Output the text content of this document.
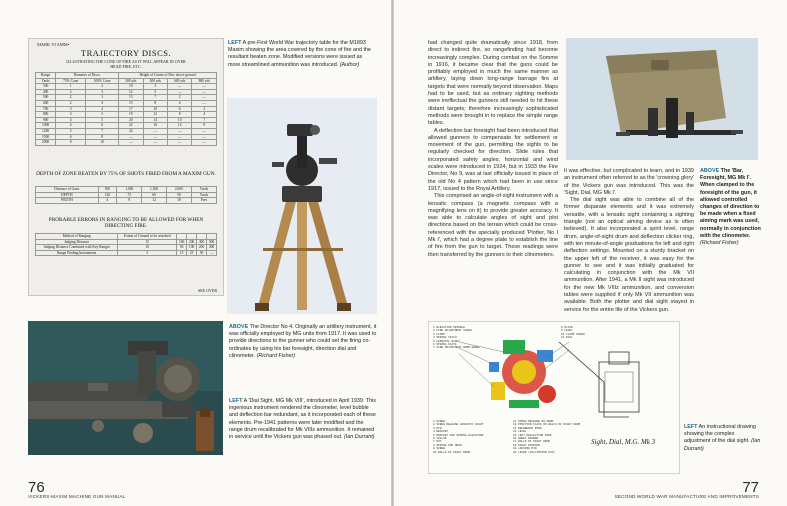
MARK VI AMM•
TRAJECTORY DISCS.
ILLUSTRATING THE CONE OF FIRE AS IT WILL APPEAR IN OVER
HEAD FIRE, ETC.
Range	Diameter of Discs.		Height of Centre of Disc above ground			
Yards	75% Cone	100% Cone	300 yds	400 yds	600 yds	800 yds
300	1	2	10	3	—	—
400	2	3	12	5	—	—
500	2	3	13	7	2	—
600	2	4	15	8	4	—
700	3	4	17	10	6	2
800	3	5	19	12	8	4
900	4	5	20	14	10	7
1000	4	6	22	16	12	9
1200	5	7	24	—	—	—
1500	6	8	—	—	—	—
2000	8	10	—	—	—	—
DEPTH OF ZONE BEATEN BY 75% OF SHOTS FIRED FROM A MAXIM GUN.
Distance of Guns	500	1,000	1,500	2,000	Yards
DEPTH	120	75	60	50	Yards
WIDTH	4	8	12	18	Feet
PROBABLE ERRORS IN RANGING TO BE ALLOWED FOR WHEN DIRECTING FIRE.
Method of Ranging	Extent of Ground to be searched				
Judging Distance	15	100	200	400	500
Judging Distance Combined with Key Ranges	10	50	100	200	300
Range Finding Instruments	5	15	25	50	—
SEE OVER
LEFT A pre-First World War trajectory table for the M1893 Maxim showing the area covered by the cone of fire and the resultant beaten zone. Modified versions were issued as more streamlined ammunition was introduced. (Author)
ABOVE The Director No 4. Originally an artillery instrument, it was officially employed by MG units from 1917. It was used to provide directions to the gunner who could set the firing co-ordinates by using his bar foresight, direction dial and clinometer. (Richard Fisher)
LEFT A 'Dial Sight, MG Mk VIII', introduced in April 1939. This ingenious instrument rendered the clinometer, level bubble and deflection bar redundant, as it incorporated each of these elements. Pre-1941 patterns were later modified and the range drum recalibrated for Mk VIIIz ammunition. It remained in service until the Vickers gun was phased out. (Ian Durrant)
76
VICKERS-MAXIM MACHINE GUN MANUAL

had changed quite dramatically since 1918, from direct to indirect fire, so rangefinding had become increasingly complex. During combat on the Somme in 1916, it became clear that the guns could be profitably employed in much the same manner as artillery, laying down long-range barrage fire at targets that were normally beyond observation. Maps had to be used, but as ordinary sighting methods were ineffectual the gunners still needed to hit these distant targets; therefore increasingly sophisticated methods were brought in to replace the simple range tables.

A deflection bar foresight had been introduced that allowed gunners to compensate for settlement or movement of the gun, permitting the sights to be regularly checked for direction. Slide rules that incorporated safety angles, horizontal and wind scales were introduced in 1924, but in 1933 the Fire Director, No 9, was at last officially issued in place of the old No 4 pattern which had been in use since 1917, issued to the Royal Artillery.

This comprised an angle-of-sight instrument with a lensatic compass (a magnetic compass with a magnifying lens on it) to provide greater accuracy. It was able to calculate angles of sight and plot directions based on the terrain which could be cross-referenced with the specially produced 'Plotter, No I Mk I', which had a degree plate to establish the line of fire from the gun to target. These readings were then transferred by the gunners to their clinometers.

It was effective, but complicated to learn, and in 1939 an instrument often referred to as the 'crowning glory' of the Vickers gun was introduced. This was the 'Sight, Dial, MG Mk I'.

The dial sight was able to combine all of the former disparate elements and it was extremely versatile, with a lensatic sight containing a sighting triangle (not an optical aiming device as is often believed). It also incorporated a spirit level, range drum, angle-of-sight drum and deflection clicker ring, with ten minute-of-angle graduations for left and right deflection settings. Mounted on a sturdy bracket on the upper left of the receiver, it was easy for the gunner to see and it was initially graduated for calculating in conjunction with the Mk VII ammunition. After 1941, a Mk II sight was introduced for the new Mk VIIIz ammunition, and conversion tables were supplied if only Mk VII ammunition was available. Both the plotter and dial sight stayed in service for the entire life of the Vickers gun.

ABOVE The 'Bar, Foresight, MG Mk I'. When clamped to the foresight of the gun, it allowed controlled changes of direction to be made when a fixed aiming mark was used, normally in conjunction with the clinometer. (Richard Fisher)
1 ELEVATION SPINDLE
2 FINE ADJUSTMENT SCREW
3 CLAMP
4 SPRING CATCH
5 LENSATIC SIGHT
6 SPRING PLATE
7 FINE ADJUSTMENT WORM WHEEL
8 PLATE
9 LEVEL
10 CLAMP SCREW
11 DIAL
1 SCREW
2 SCREW RELEASE LENSATIC SIGHT
3 PIN
4 BRACKET
5 BRACKET FOR SPRING ELEVATION
6 COLLAR
7 NUT
8 SPRING FOR DRUM
9 SCREW
10 WALLS OF SIGHT DRUM
11 SCREW RELEASE ON DRUM
12 POSITION PLATE ON WALLS OF SIGHT DRUM
13 REFERENCE RING
14 LEVEL
15 LEFT DEFLECTION RING
16 WHEEL WASHER
17 WALLS OF SIGHT DRUM
18 SIGHT POINTER
19 LOCKING PIN
20 LEVER (COLLIMATOR PIN)
Sight, Dial, M.G. Mk 3
LEFT An instructional drawing showing the complex adjustment of the dial sight. (Ian Durrant)
77
SECOND WORLD WAR MANUFACTURE AND IMPROVEMENTS
